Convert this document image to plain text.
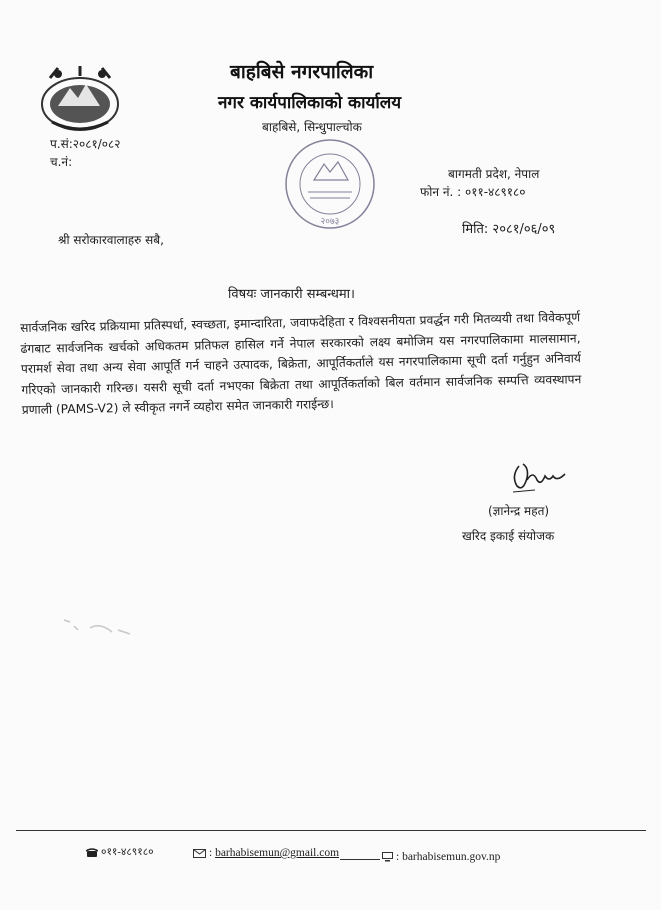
बाहबिसे नगरपालिका
नगर कार्यपालिकाको कार्यालय
बाहबिसे, सिन्धुपाल्चोक
प.सं:२०८१/०८२
च.नं:
२०७३
बागमती प्रदेश, नेपाल
फोन नं. : ०११-४८९१८०
मिति: २०८१/०६/०९
श्री सरोकारवालाहरु सबै,
विषयः जानकारी सम्बन्धमा।
सार्वजनिक खरिद प्रक्रियामा प्रतिस्पर्धा, स्वच्छता, इमान्दारिता, जवाफदेहिता र विश्वसनीयता प्रवर्द्धन गरी मितव्ययी तथा विवेकपूर्ण ढंगबाट सार्वजनिक खर्चको अधिकतम प्रतिफल हासिल गर्ने नेपाल सरकारको लक्ष्य बमोजिम यस नगरपालिकामा मालसामान, परामर्श सेवा तथा अन्य सेवा आपूर्ति गर्न चाहने उत्पादक, बिक्रेता, आपूर्तिकर्ताले यस नगरपालिकामा सूची दर्ता गर्नुहुन अनिवार्य गरिएको जानकारी गरिन्छ। यसरी सूची दर्ता नभएका बिक्रेता तथा आपूर्तिकर्ताको बिल वर्तमान सार्वजनिक सम्पत्ति व्यवस्थापन प्रणाली (PAMS-V2) ले स्वीकृत नगर्ने व्यहोरा समेत जानकारी गराईन्छ।
(ज्ञानेन्द्र महत)
खरिद इकाई संयोजक
०११-४८९१८०	: barhabisemun@gmail.com	: barhabisemun.gov.np
